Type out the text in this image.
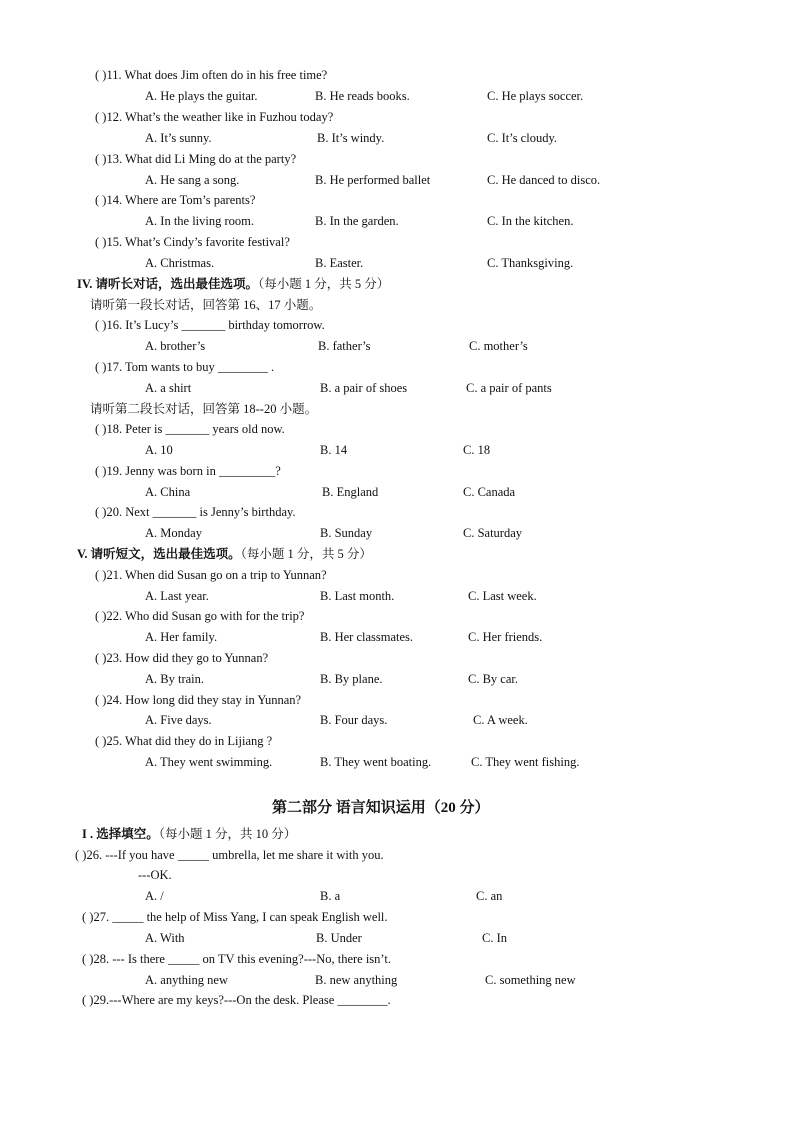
( )11. What does Jim often do in his free time?
A. He plays the guitar.	B. He reads books.	C. He plays soccer.
( )12. What’s the weather like in Fuzhou today?
A. It’s sunny.	B. It’s windy.	C. It’s cloudy.
( )13. What did Li Ming do at the party?
A. He sang a song.	B. He performed ballet	C. He danced to disco.
( )14. Where are Tom’s parents?
A. In the living room.	B. In the garden.	C. In the kitchen.
( )15. What’s Cindy’s favorite festival?
A. Christmas.	B. Easter.	C. Thanksgiving.
IV. 请听长对话，选出最佳选项。（每小题 1 分，共 5 分）
请听第一段长对话，回答第 16、17 小题。
( )16. It’s Lucy’s _______ birthday tomorrow.
A. brother’s	B. father’s	C. mother’s
( )17. Tom wants to buy ________ .
A. a shirt	B. a pair of shoes	C. a pair of pants
请听第二段长对话，回答第 18--20 小题。
( )18. Peter is _______ years old now.
A. 10	B. 14	C. 18
( )19. Jenny was born in _________?
A. China	B. England	C. Canada
( )20. Next _______ is Jenny’s birthday.
A. Monday	B. Sunday	C. Saturday
V. 请听短文，选出最佳选项。（每小题 1 分，共 5 分）
( )21. When did Susan go on a trip to Yunnan?
A. Last year.	B. Last month.	C. Last week.
( )22. Who did Susan go with for the trip?
A. Her family.	B. Her classmates.	C. Her friends.
( )23. How did they go to Yunnan?
A. By train.	B. By plane.	C. By car.
( )24. How long did they stay in Yunnan?
A. Five days.	B. Four days.	C. A week.
( )25. What did they do in Lijiang ?
A. They went swimming.	B. They went boating.	C. They went fishing.
第二部分 语言知识运用（20 分）
I . 选择填空。（每小题 1 分，共 10 分）
( )26. ---If you have _____ umbrella, let me share it with you.
---OK.
A. /	B. a	C. an
( )27. _____ the help of Miss Yang, I can speak English well.
A. With	B. Under	C. In
( )28. --- Is there _____ on TV this evening?---No, there isn’t.
A. anything new	B. new anything	C. something new
( )29.---Where are my keys?---On the desk. Please ________.
